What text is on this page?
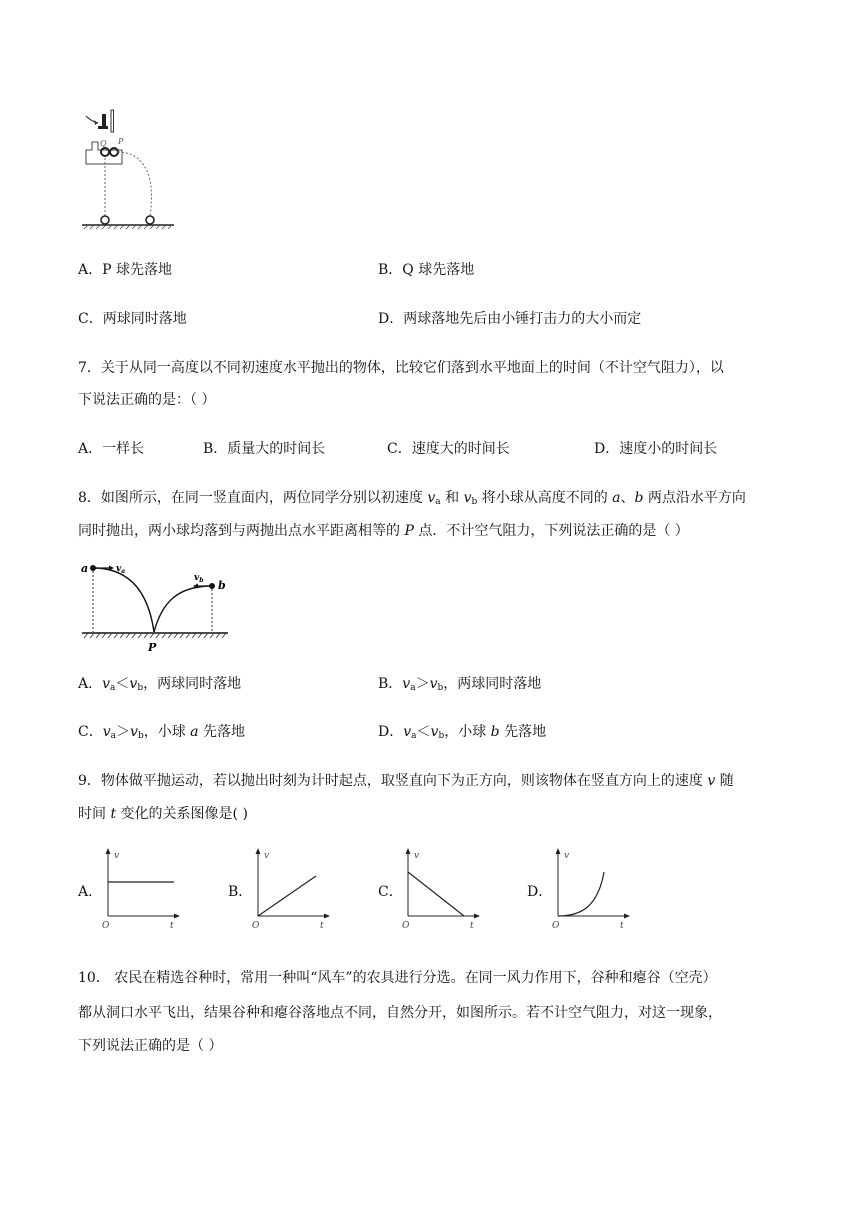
Q P
A．P 球先落地	B．Q 球先落地
C．两球同时落地	D．两球落地先后由小锤打击力的大小而定
7．关于从同一高度以不同初速度水平抛出的物体，比较它们落到水平地面上的时间（不计空气阻力），以
下说法正确的是：（ ）
A．一样长	B．质量大的时间长	C．速度大的时间长	D．速度小的时间长
8．如图所示，在同一竖直面内，两位同学分别以初速度 $v_a$ 和 $v_b$ 将小球从高度不同的 a、b 两点沿水平方向
同时抛出，两小球均落到与两抛出点水平距离相等的 P 点．不计空气阻力，下列说法正确的是（ ）
a	$v_a$
b
$v_b$
P
A．$v_a<v_b$，两球同时落地	B．$v_a>v_b$，两球同时落地
C．$v_a>v_b$，小球 a 先落地	D．$v_a<v_b$，小球 b 先落地
9．物体做平抛运动，若以抛出时刻为计时起点，取竖直向下为正方向，则该物体在竖直方向上的速度 v 随
时间 t 变化的关系图像是( )
A．
v
t
O
B．
v
t
O
C．
v
t
O
D．
v
t
O
10． 农民在精选谷种时，常用一种叫“风车”的农具进行分选。在同一风力作用下，谷种和瘪谷（空壳）
都从洞口水平飞出，结果谷种和瘪谷落地点不同，自然分开，如图所示。若不计空气阻力，对这一现象，
下列说法正确的是（ ）
